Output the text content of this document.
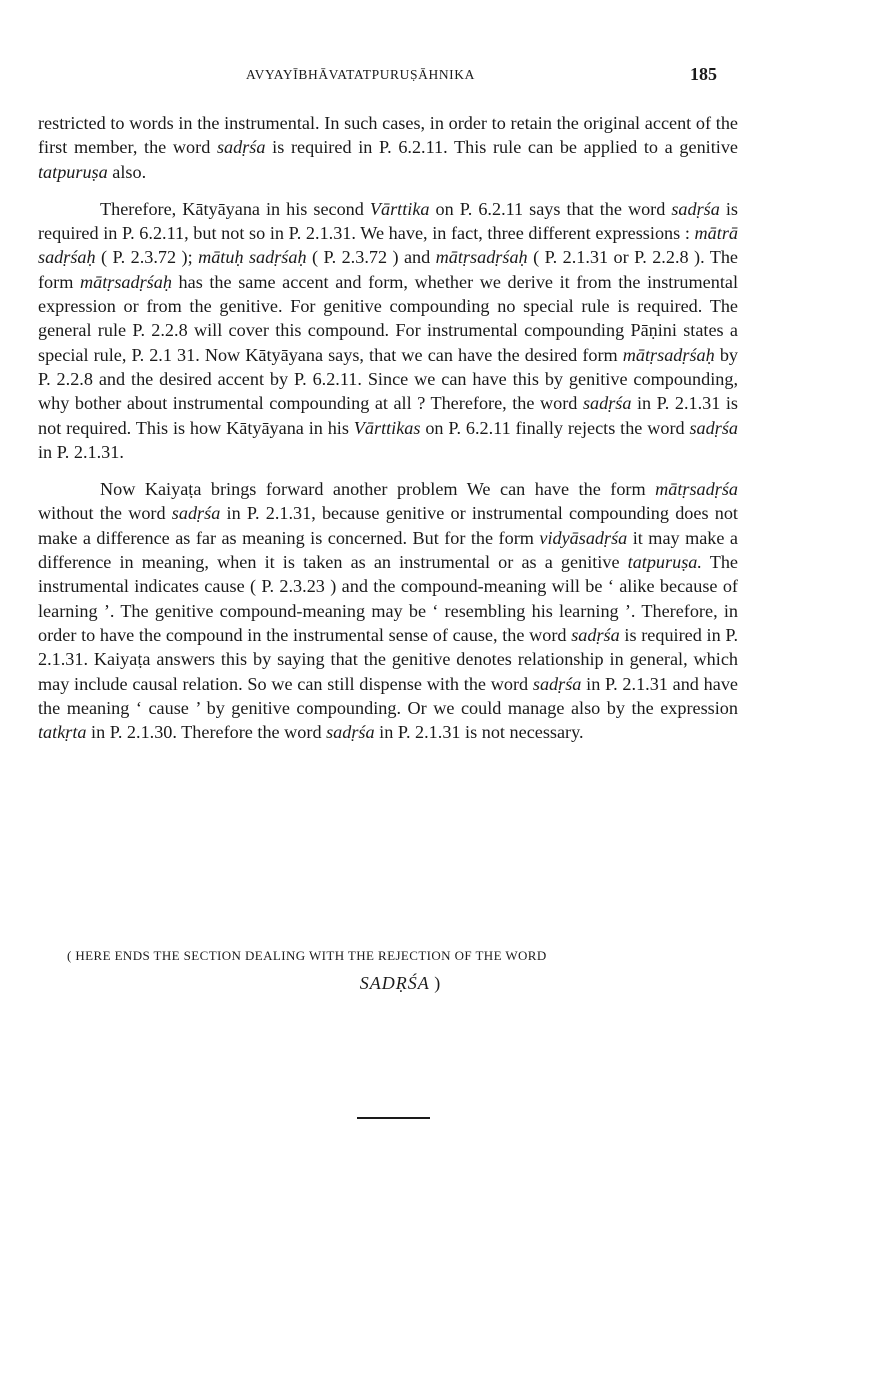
AVYAYĪBHĀVATATPURUṢĀHNIKA	185

restricted to words in the instrumental. In such cases, in order to retain the original accent of the first member, the word sadṛśa is required in P. 6.2.11. This rule can be applied to a genitive tatpuruṣa also.

Therefore, Kātyāyana in his second Vārttika on P. 6.2.11 says that the word sadṛśa is required in P. 6.2.11, but not so in P. 2.1.31. We have, in fact, three different expressions : mātrā sadṛśaḥ ( P. 2.3.72 ); mātuḥ sadṛśaḥ ( P. 2.3.72 ) and mātṛsadṛśaḥ ( P. 2.1.31 or P. 2.2.8 ). The form mātṛsadṛśaḥ has the same accent and form, whether we derive it from the instrumental expression or from the genitive. For genitive compounding no special rule is required. The general rule P. 2.2.8 will cover this compound. For instrumental compounding Pāṇini states a special rule, P. 2.1 31. Now Kātyāyana says, that we can have the desired form mātṛsadṛśaḥ by P. 2.2.8 and the desired accent by P. 6.2.11. Since we can have this by genitive compounding, why bother about instrumental compounding at all ? Therefore, the word sadṛśa in P. 2.1.31 is not required. This is how Kātyāyana in his Vārttikas on P. 6.2.11 finally rejects the word sadṛśa in P. 2.1.31.

Now Kaiyaṭa brings forward another problem We can have the form mātṛsadṛśa without the word sadṛśa in P. 2.1.31, because genitive or instrumental compounding does not make a difference as far as meaning is concerned. But for the form vidyāsadṛśa it may make a difference in meaning, when it is taken as an instrumental or as a genitive tatpuruṣa. The instrumental indicates cause ( P. 2.3.23 ) and the compound-meaning will be ‘ alike because of learning ’. The genitive compound-meaning may be ‘ resembling his learning ’. Therefore, in order to have the compound in the instrumental sense of cause, the word sadṛśa is required in P. 2.1.31. Kaiyaṭa answers this by saying that the genitive denotes relationship in general, which may include causal relation. So we can still dispense with the word sadṛśa in P. 2.1.31 and have the meaning ‘ cause ’ by genitive compounding. Or we could manage also by the expression tatkṛta in P. 2.1.30. Therefore the word sadṛśa in P. 2.1.31 is not necessary.

( HERE ENDS THE SECTION DEALING WITH THE REJECTION OF THE WORD
SADṚŚA )
